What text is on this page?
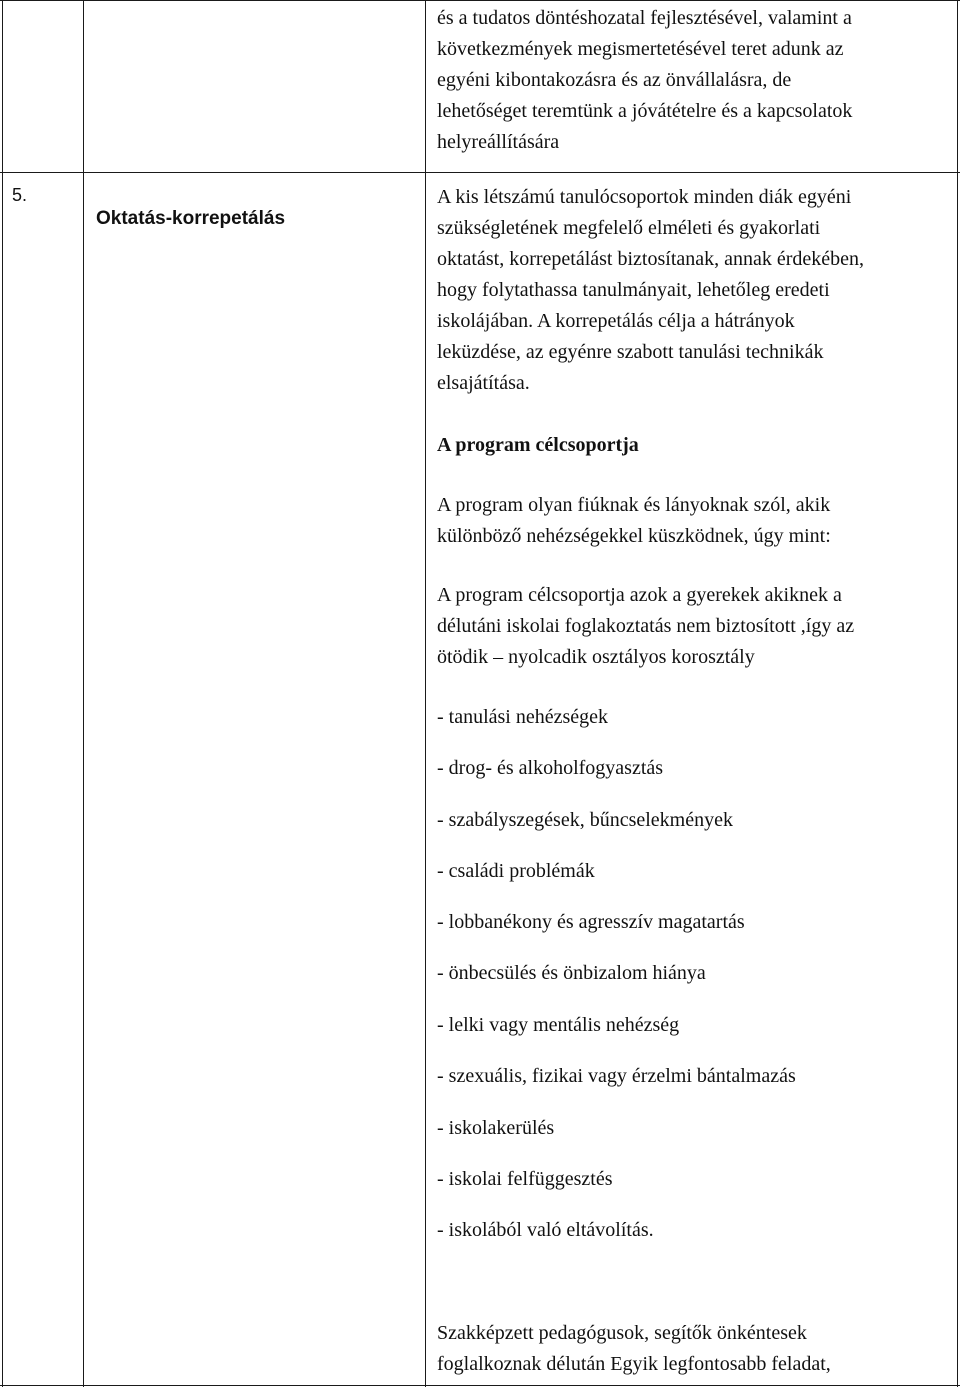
és a tudatos döntéshozatal fejlesztésével, valamint a
következmények megismertetésével teret adunk az
egyéni kibontakozásra és az önvállalásra, de
lehetőséget teremtünk a jóvátételre és a kapcsolatok
helyreállítására
5.
Oktatás-korrepetálás
A kis létszámú tanulócsoportok minden diák egyéni
szükségletének megfelelő elméleti és gyakorlati
oktatást, korrepetálást biztosítanak, annak érdekében,
hogy folytathassa tanulmányait, lehetőleg eredeti
iskolájában. A korrepetálás célja a hátrányok
leküzdése, az egyénre szabott tanulási technikák
elsajátítása.
A program célcsoportja
A program olyan fiúknak és lányoknak szól, akik
különböző nehézségekkel küszködnek, úgy mint:
A program célcsoportja azok a gyerekek akiknek a
délutáni iskolai foglakoztatás nem biztosított ,így az
ötödik – nyolcadik osztályos korosztály
- tanulási nehézségek
- drog- és alkoholfogyasztás
- szabályszegések, bűncselekmények
- családi problémák
- lobbanékony és agresszív magatartás
- önbecsülés és önbizalom hiánya
- lelki vagy mentális nehézség
- szexuális, fizikai vagy érzelmi bántalmazás
- iskolakerülés
- iskolai felfüggesztés
- iskolából való eltávolítás.
Szakképzett pedagógusok, segítők önkéntesek
foglalkoznak délután Egyik legfontosabb feladat,
